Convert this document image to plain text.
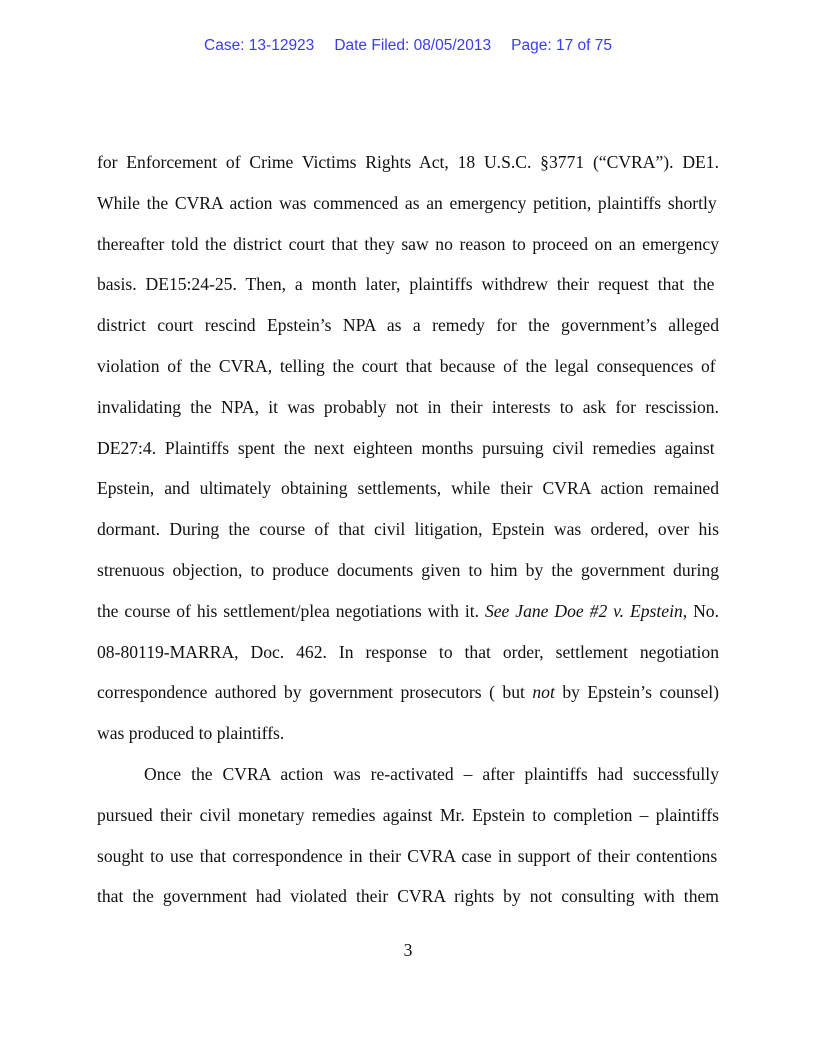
Case: 13-12923 Date Filed: 08/05/2013 Page: 17 of 75
for Enforcement of Crime Victims Rights Act, 18 U.S.C. §3771 (“CVRA”). DE1.
While the CVRA action was commenced as an emergency petition, plaintiffs shortly
thereafter told the district court that they saw no reason to proceed on an emergency
basis. DE15:24-25. Then, a month later, plaintiffs withdrew their request that the
district court rescind Epstein’s NPA as a remedy for the government’s alleged
violation of the CVRA, telling the court that because of the legal consequences of
invalidating the NPA, it was probably not in their interests to ask for rescission.
DE27:4. Plaintiffs spent the next eighteen months pursuing civil remedies against
Epstein, and ultimately obtaining settlements, while their CVRA action remained
dormant. During the course of that civil litigation, Epstein was ordered, over his
strenuous objection, to produce documents given to him by the government during
the course of his settlement/plea negotiations with it. See Jane Doe #2 v. Epstein, No.
08-80119-MARRA, Doc. 462. In response to that order, settlement negotiation
correspondence authored by government prosecutors ( but not by Epstein’s counsel)
was produced to plaintiffs.
Once the CVRA action was re-activated – after plaintiffs had successfully
pursued their civil monetary remedies against Mr. Epstein to completion – plaintiffs
sought to use that correspondence in their CVRA case in support of their contentions
that the government had violated their CVRA rights by not consulting with them
3
